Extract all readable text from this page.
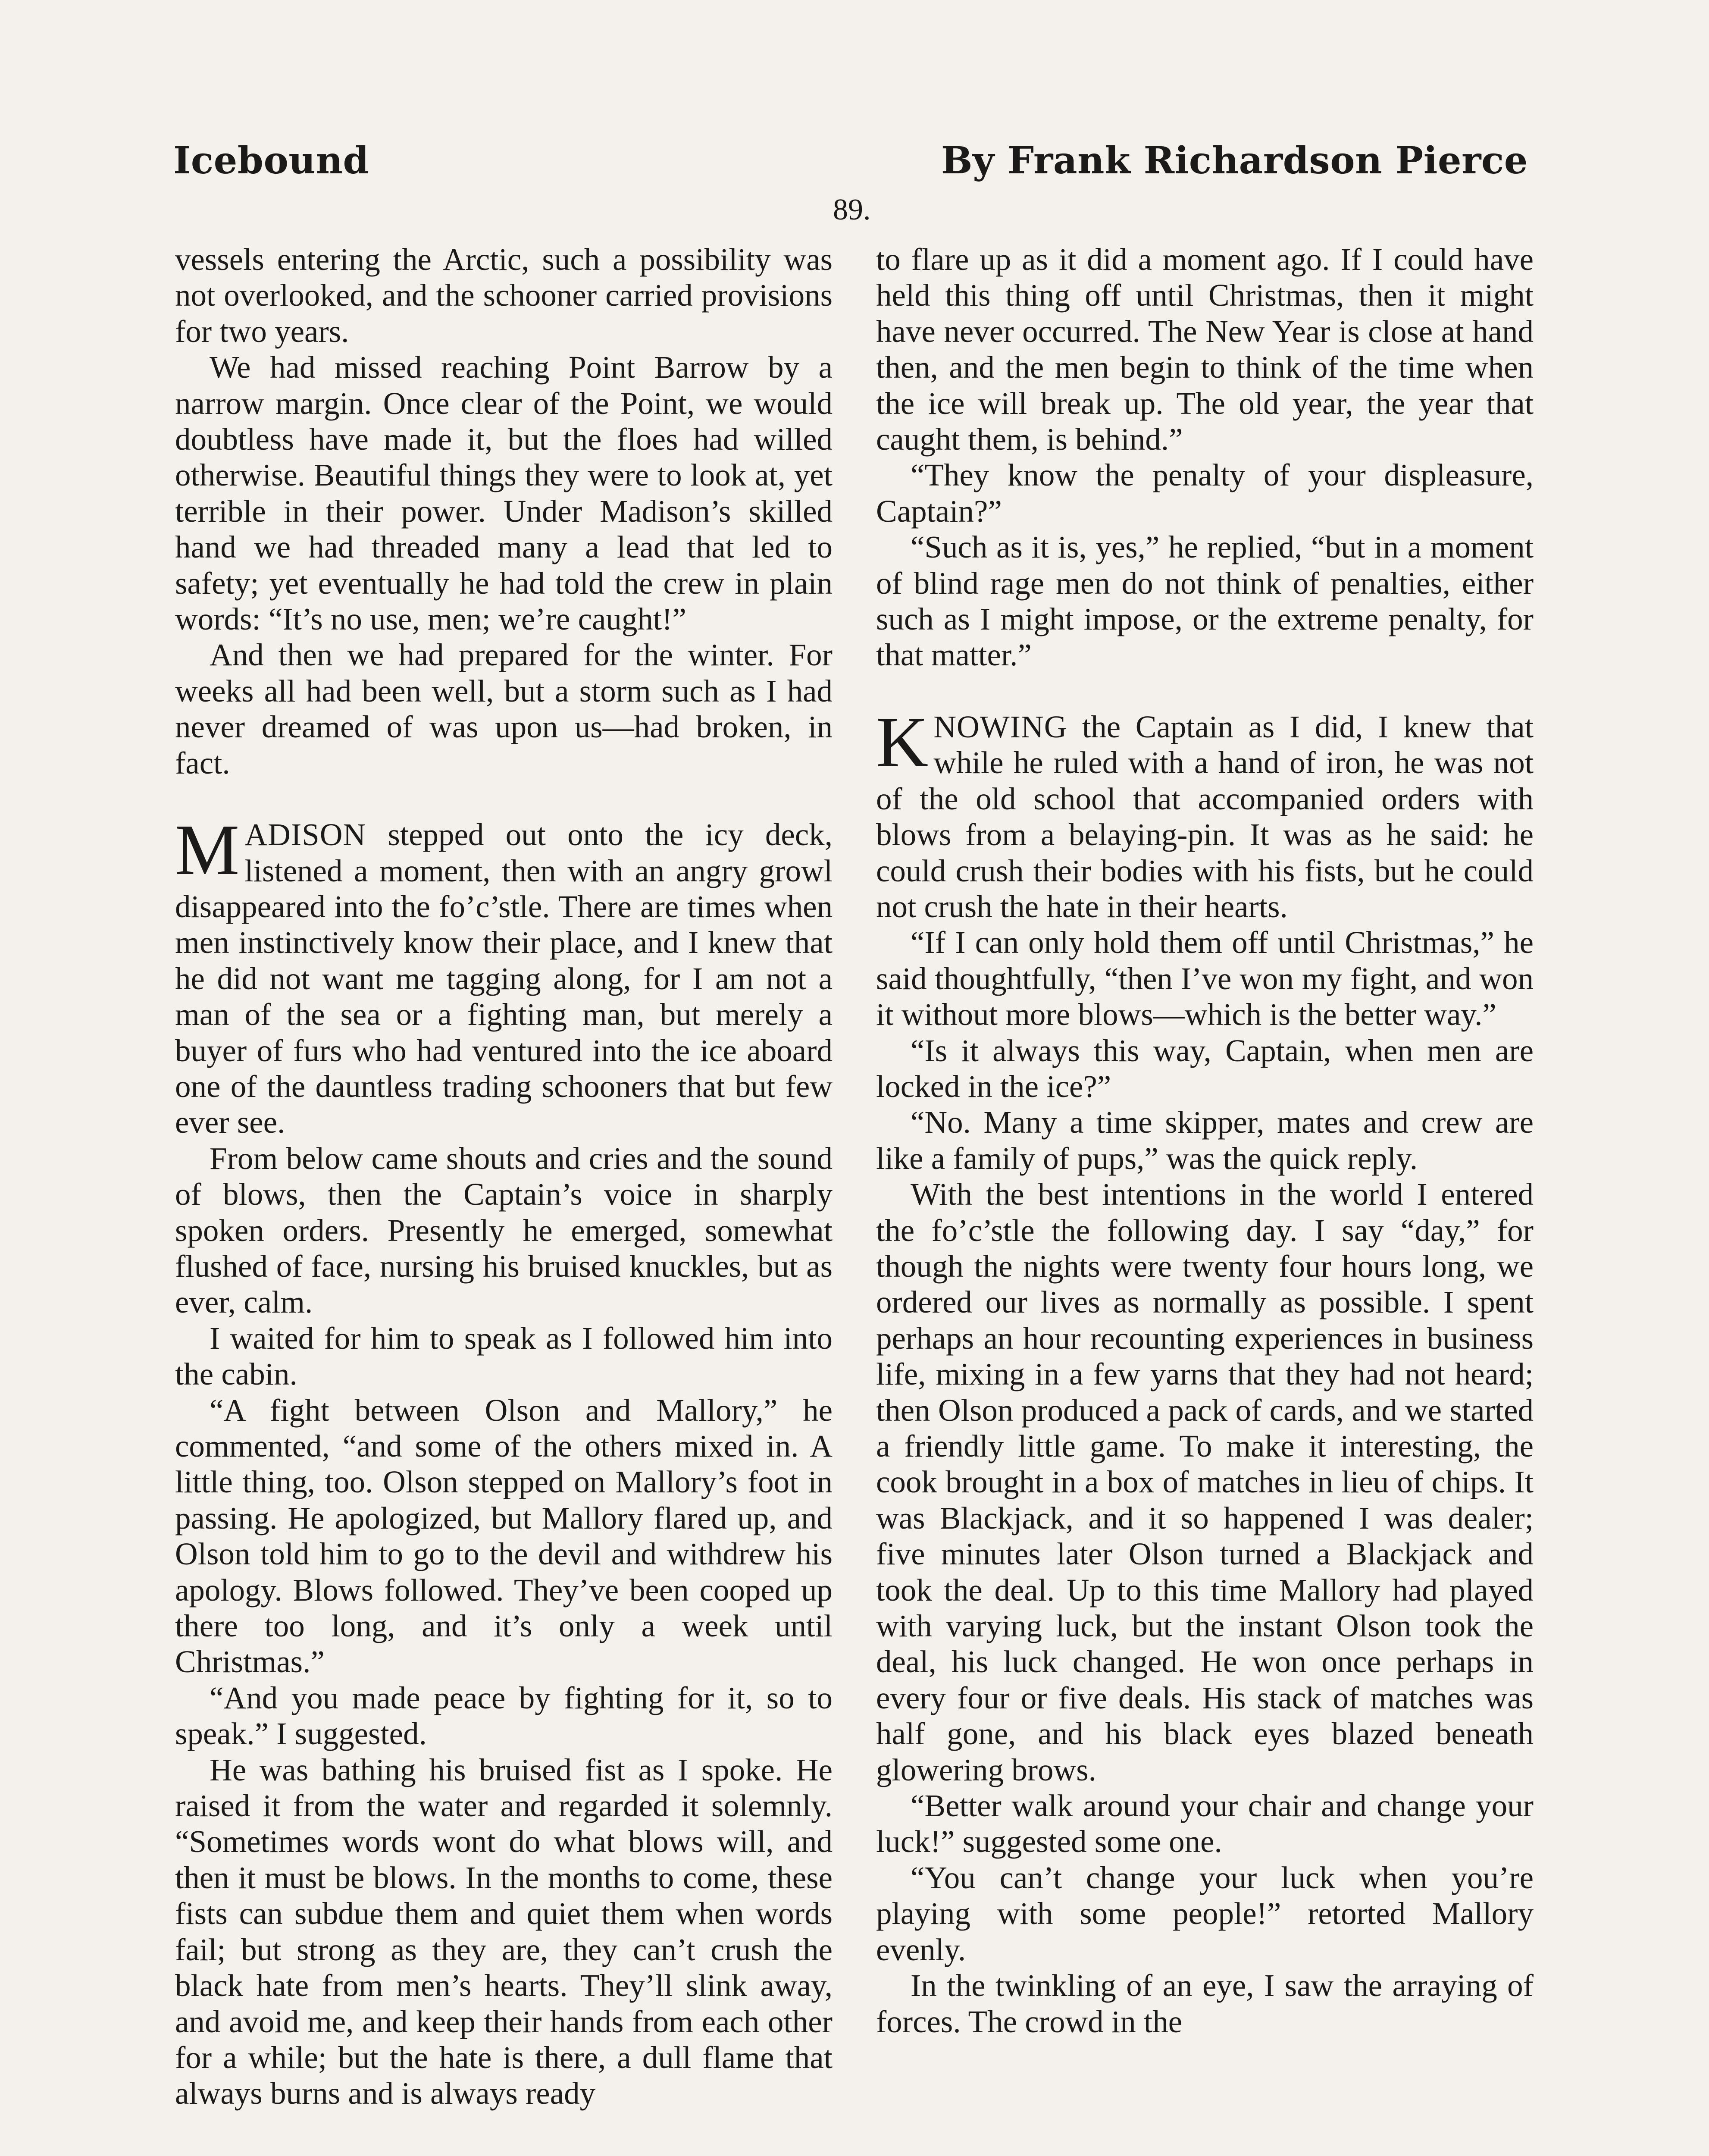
Icebound	By Frank Richardson Pierce
89.

vessels entering the Arctic, such a possibility was not overlooked, and the schooner carried provisions for two years.

We had missed reaching Point Barrow by a narrow margin. Once clear of the Point, we would doubtless have made it, but the floes had willed otherwise. Beautiful things they were to look at, yet terrible in their power. Under Madison’s skilled hand we had threaded many a lead that led to safety; yet eventually he had told the crew in plain words: “It’s no use, men; we’re caught!”

And then we had prepared for the winter. For weeks all had been well, but a storm such as I had never dreamed of was upon us—had broken, in fact.

MADISON stepped out onto the icy deck, listened a moment, then with an angry growl disappeared into the fo’c’stle. There are times when men instinctively know their place, and I knew that he did not want me tagging along, for I am not a man of the sea or a fighting man, but merely a buyer of furs who had ventured into the ice aboard one of the dauntless trading schooners that but few ever see.

From below came shouts and cries and the sound of blows, then the Captain’s voice in sharply spoken orders. Presently he emerged, somewhat flushed of face, nursing his bruised knuckles, but as ever, calm.

I waited for him to speak as I followed him into the cabin.

“A fight between Olson and Mallory,” he commented, “and some of the others mixed in. A little thing, too. Olson stepped on Mallory’s foot in passing. He apologized, but Mallory flared up, and Olson told him to go to the devil and withdrew his apology. Blows followed. They’ve been cooped up there too long, and it’s only a week until Christmas.”

“And you made peace by fighting for it, so to speak.” I suggested.

He was bathing his bruised fist as I spoke. He raised it from the water and regarded it solemnly. “Sometimes words wont do what blows will, and then it must be blows. In the months to come, these fists can subdue them and quiet them when words fail; but strong as they are, they can’t crush the black hate from men’s hearts. They’ll slink away, and avoid me, and keep their hands from each other for a while; but the hate is there, a dull flame that always burns and is always ready

to flare up as it did a moment ago. If I could have held this thing off until Christmas, then it might have never occurred. The New Year is close at hand then, and the men begin to think of the time when the ice will break up. The old year, the year that caught them, is behind.”

“They know the penalty of your displeasure, Captain?”

“Such as it is, yes,” he replied, “but in a moment of blind rage men do not think of penalties, either such as I might impose, or the extreme penalty, for that matter.”

KNOWING the Captain as I did, I knew that while he ruled with a hand of iron, he was not of the old school that accompanied orders with blows from a belaying-pin. It was as he said: he could crush their bodies with his fists, but he could not crush the hate in their hearts.

“If I can only hold them off until Christmas,” he said thoughtfully, “then I’ve won my fight, and won it without more blows—which is the better way.”

“Is it always this way, Captain, when men are locked in the ice?”

“No. Many a time skipper, mates and crew are like a family of pups,” was the quick reply.

With the best intentions in the world I entered the fo’c’stle the following day. I say “day,” for though the nights were twenty four hours long, we ordered our lives as normally as possible. I spent perhaps an hour recounting experiences in business life, mixing in a few yarns that they had not heard; then Olson produced a pack of cards, and we started a friendly little game. To make it interesting, the cook brought in a box of matches in lieu of chips. It was Blackjack, and it so happened I was dealer; five minutes later Olson turned a Blackjack and took the deal. Up to this time Mallory had played with varying luck, but the instant Olson took the deal, his luck changed. He won once perhaps in every four or five deals. His stack of matches was half gone, and his black eyes blazed beneath glowering brows.

“Better walk around your chair and change your luck!” suggested some one.

“You can’t change your luck when you’re playing with some people!” retorted Mallory evenly.

In the twinkling of an eye, I saw the arraying of forces. The crowd in the
